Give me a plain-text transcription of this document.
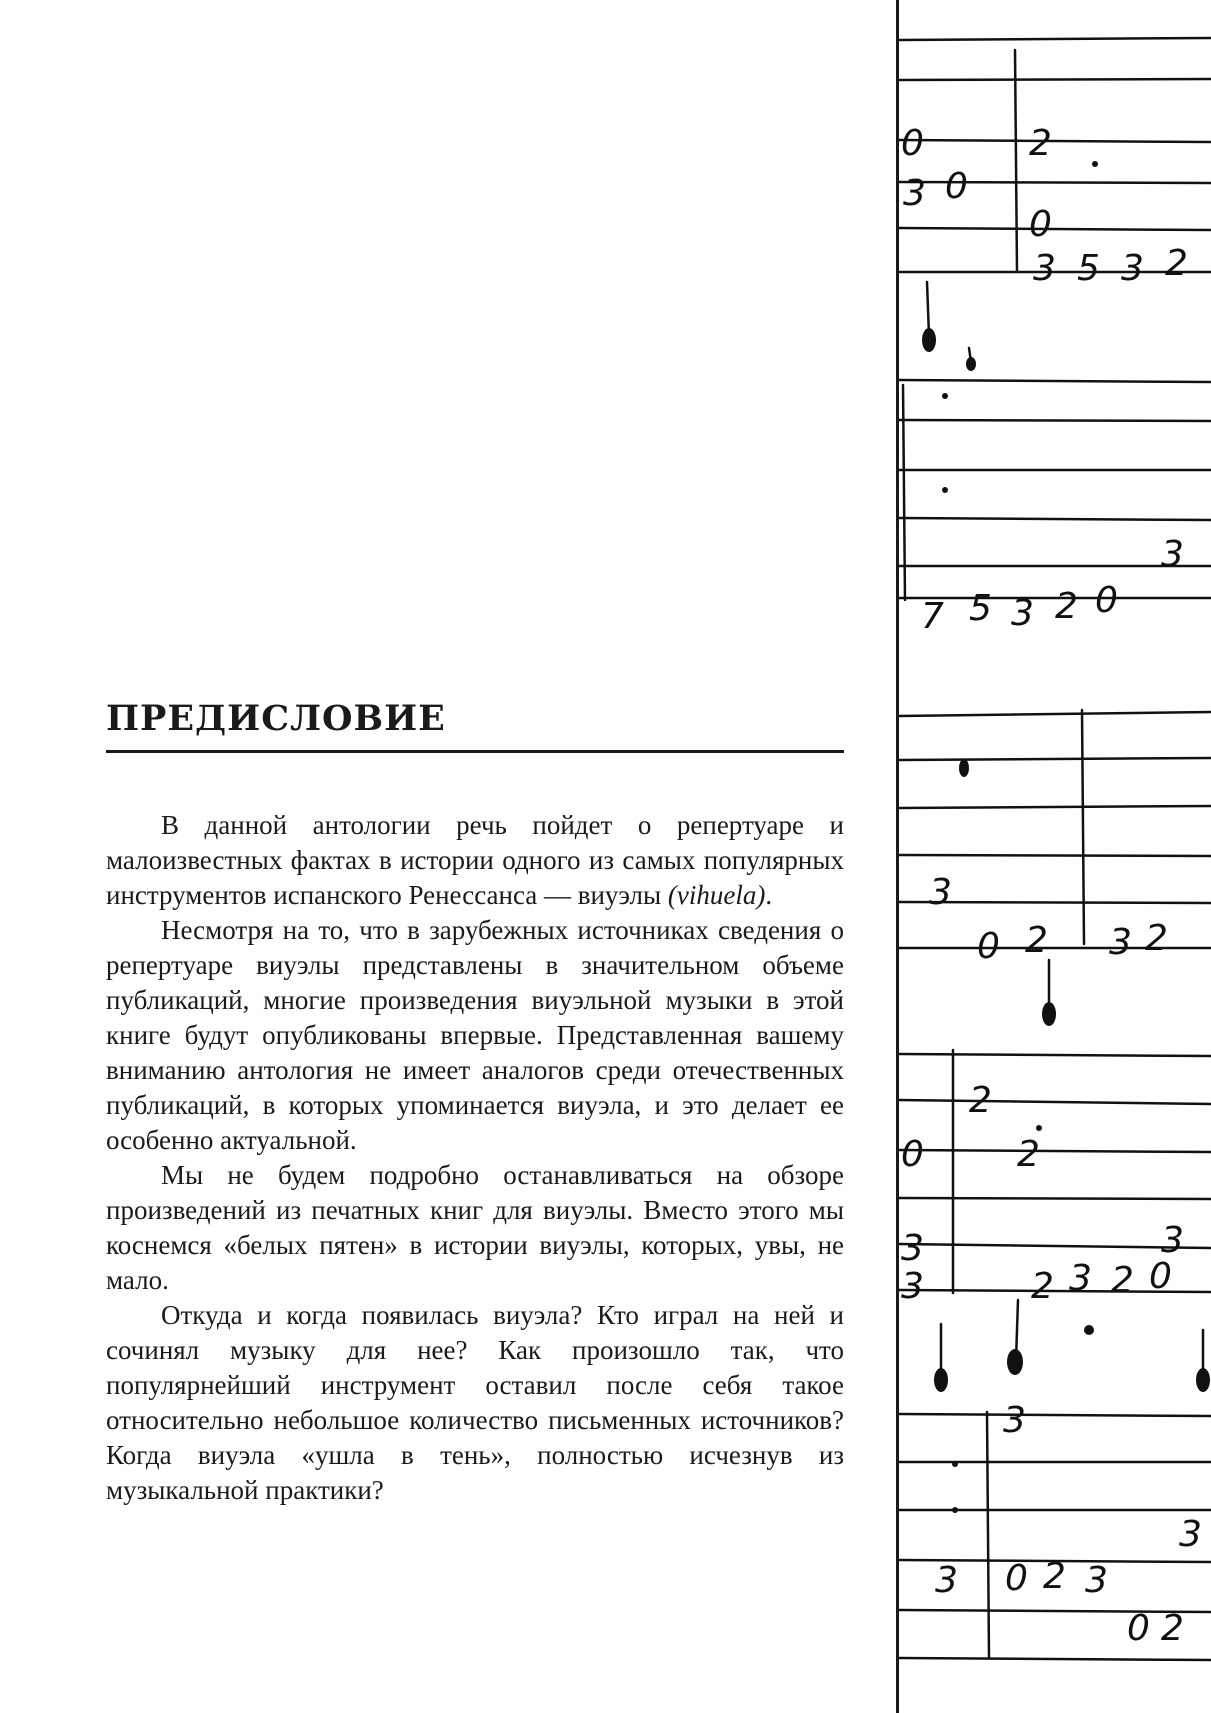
ПРЕДИСЛОВИЕ

В данной антологии речь пойдет о репертуаре и малоизвестных фактах в истории одного из самых популярных инструментов испанского Ренессанса — виуэлы (vihuela).

Несмотря на то, что в зарубежных источниках сведения о репертуаре виуэлы представлены в значительном объеме публикаций, многие произведения виуэльной музыки в этой книге будут опубликованы впервые. Представленная вашему вниманию антология не имеет аналогов среди отечественных публикаций, в которых упоминается виуэла, и это делает ее особенно актуальной.

Мы не будем подробно останавливаться на обзоре произведений из печатных книг для виуэлы. Вместо этого мы коснемся «белых пятен» в истории виуэлы, которых, увы, не мало.

Откуда и когда появилась виуэла? Кто играл на ней и сочинял музыку для нее? Как произошло так, что популярнейший инструмент оставил после себя такое относительно небольшое количество письменных источников? Когда виуэла «ушла в тень», полностью исчезнув из музыкальной практики?

2
0
3 0
0
3 5 3 2
7 5 3 2 0
3
3
0 2 3 2
2
2
0
3
3	2 3 2 0
3
3
3 0 2 3
3
0 2
